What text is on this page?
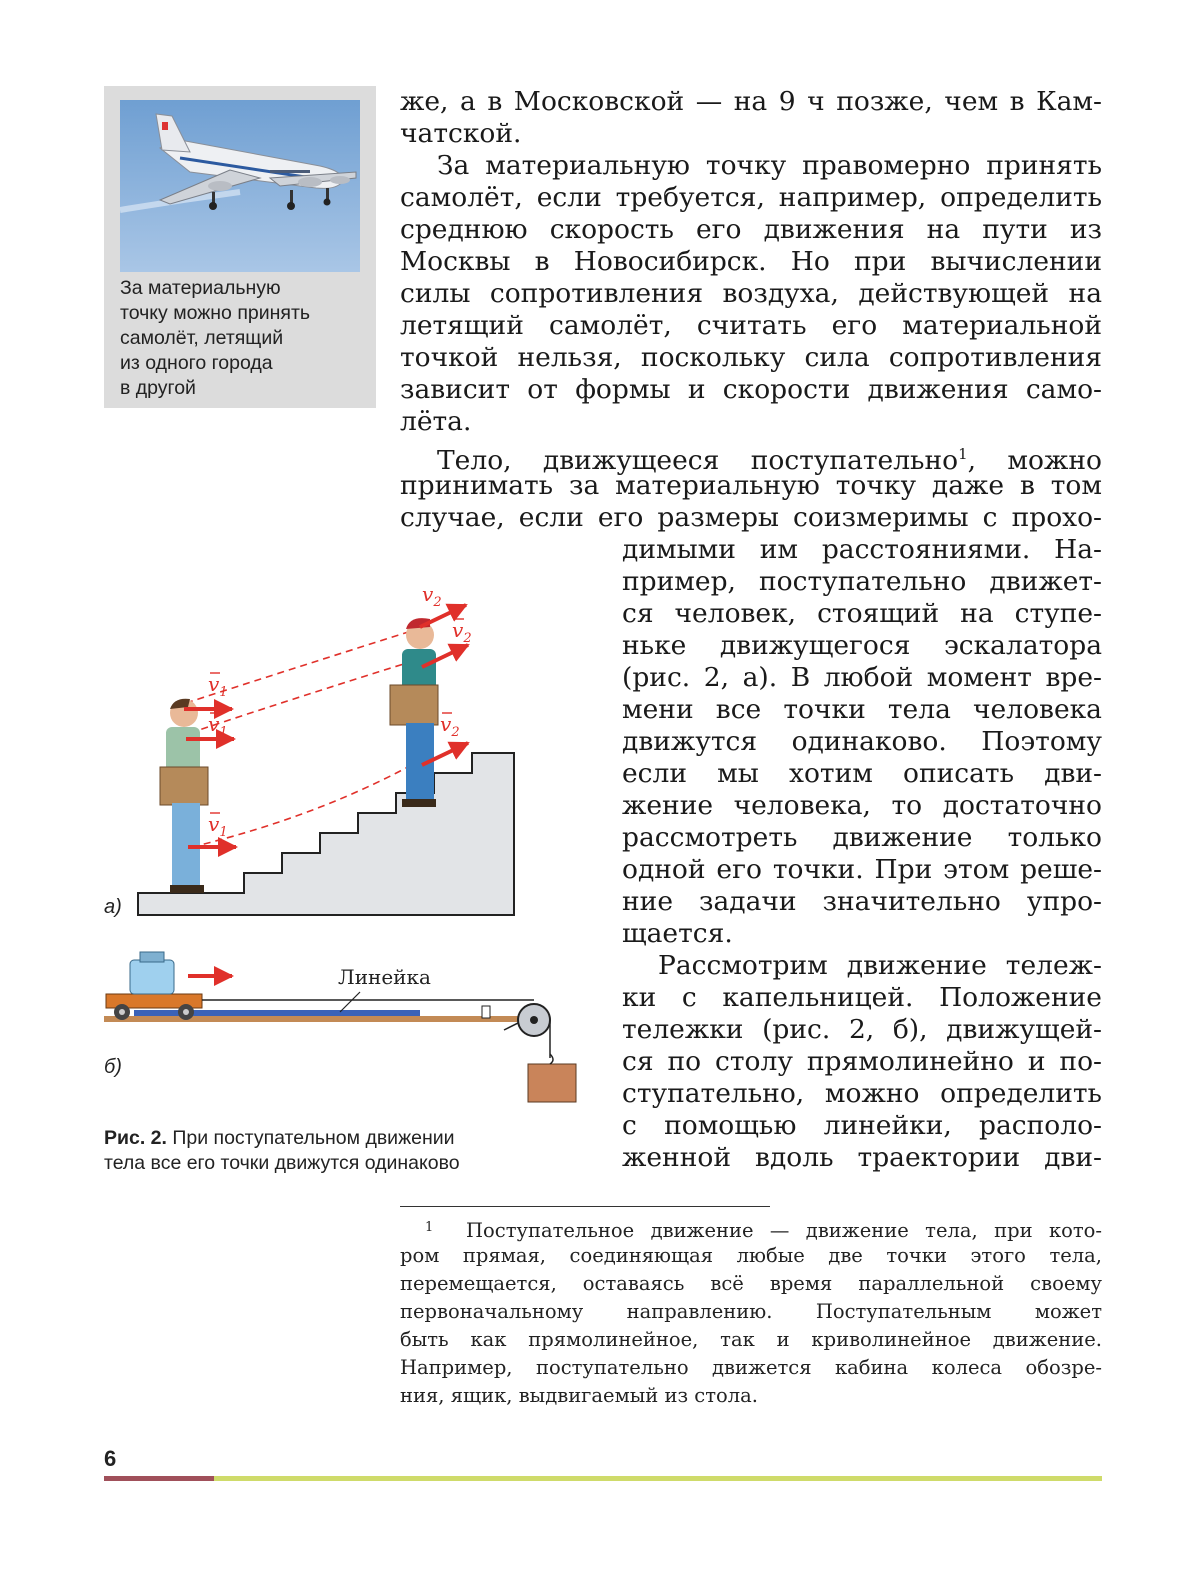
За материальную
точку можно принять
самолёт, летящий
из одного города
в другой
же, а в Московской — на 9 ч позже, чем в Кам-
чатской.
За материальную точку правомерно принять
самолёт, если требуется, например, определить
среднюю скорость его движения на пути из
Москвы в Новосибирск. Но при вычислении
силы сопротивления воздуха, действующей на
летящий самолёт, считать его материальной
точкой нельзя, поскольку сила сопротивления
зависит от формы и скорости движения само-
лёта.
Тело, движущееся поступательно$^1$, можно
принимать за материальную точку даже в том
случае, если его размеры соизмеримы с прохо-
димыми им расстояниями. На-
пример, поступательно движет-
ся человек, стоящий на ступе-
ньке движущегося эскалатора
(рис. 2, а). В любой момент вре-
мени все точки тела человека
движутся одинаково. Поэтому
если мы хотим описать дви-
жение человека, то достаточно
рассмотреть движение только
одной его точки. При этом реше-
ние задачи значительно упро-
щается.
Рассмотрим движение тележ-
ки с капельницей. Положение
тележки (рис. 2, б), движущей-
ся по столу прямолинейно и по-
ступательно, можно определить
с помощью линейки, располо-
женной вдоль траектории дви-
$v_1$
$v_1$
$v_1$
$v_2$
$v_2$
$v_2$
а)
Линейка
б)
Рис. 2. При поступательном движении
тела все его точки движутся одинаково
$^1$ Поступательное движение — движение тела, при кото-
ром прямая, соединяющая любые две точки этого тела,
перемещается, оставаясь всё время параллельной своему
первоначальному направлению. Поступательным может
быть как прямолинейное, так и криволинейное движение.
Например, поступательно движется кабина колеса обозре-
ния, ящик, выдвигаемый из стола.
6
